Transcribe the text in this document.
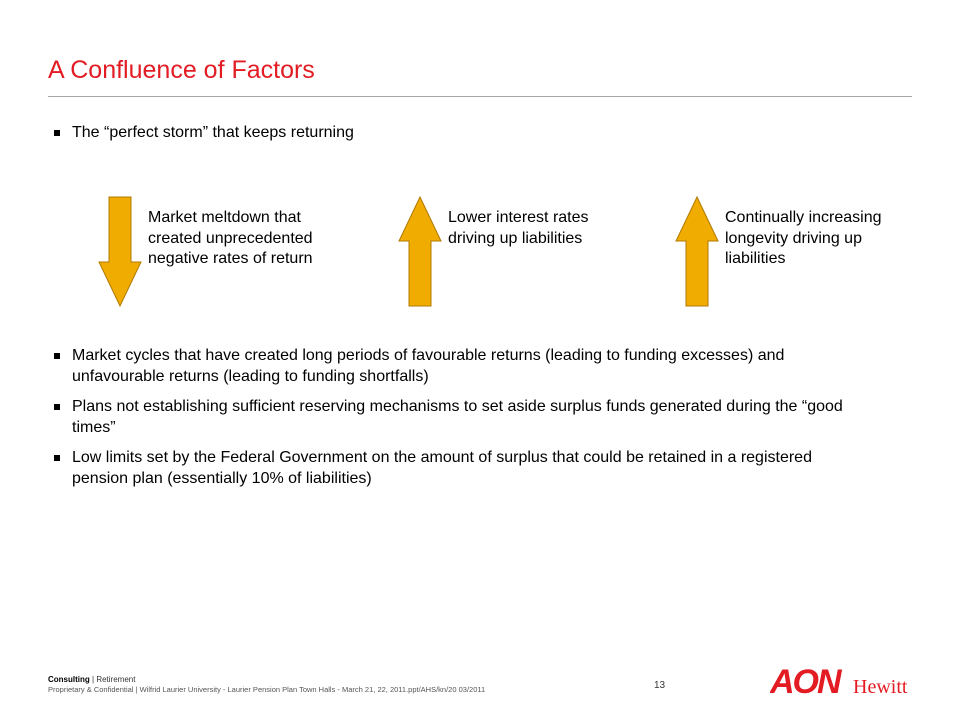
A Confluence of Factors
The “perfect storm” that keeps returning
Market meltdown that created unprecedented negative rates of return
Lower interest rates driving up liabilities
Continually increasing longevity driving up liabilities
Market cycles that have created long periods of favourable returns (leading to funding excesses) and unfavourable returns (leading to funding shortfalls)
Plans not establishing sufficient reserving mechanisms to set aside surplus funds generated during the “good times”
Low limits set by the Federal Government on the amount of surplus that could be retained in a registered pension plan (essentially 10% of liabilities)
Consulting | Retirement
Proprietary & Confidential | Wilfrid Laurier University - Laurier Pension Plan Town Halls - March 21, 22, 2011.ppt/AHS/kn/20 03/2011	13	AON Hewitt
